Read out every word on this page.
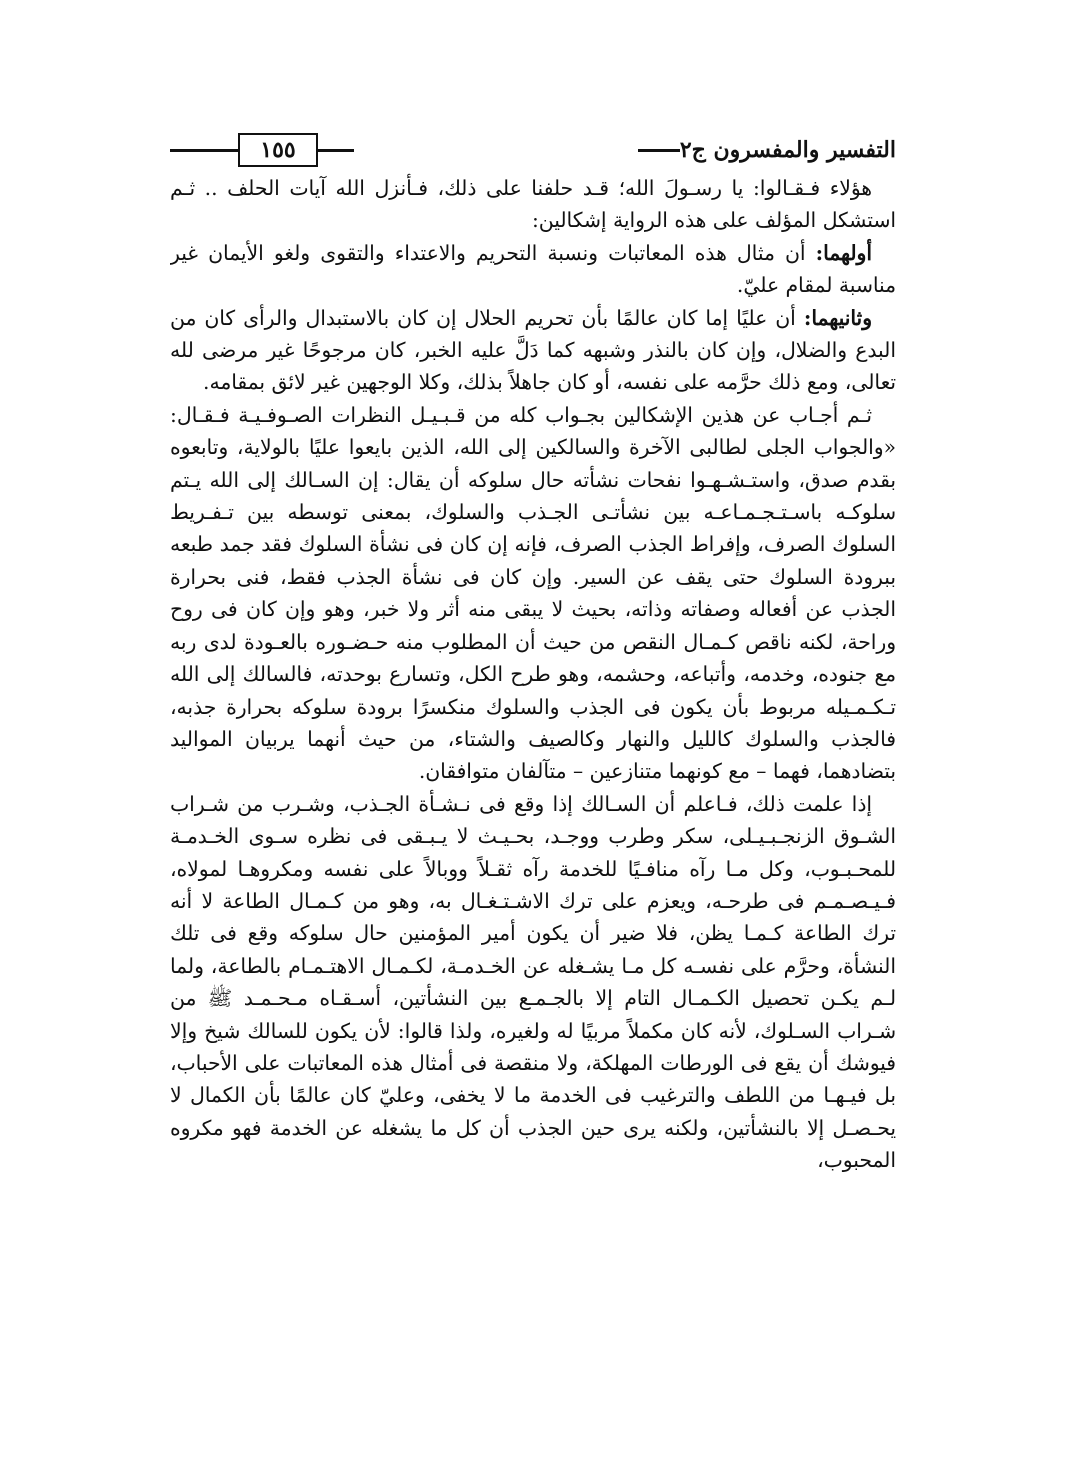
التفسير والمفسرون ج٢
١٥٥

هؤلاء فـقـالوا: يا رسـولَ الله؛ قـد حلفنا على ذلك، فـأنزل الله آيات الحلف .. ثـم استشكل المؤلف على هذه الرواية إشكالين:

أولهما: أن مثال هذه المعاتبات ونسبة التحريم والاعتداء والتقوى ولغو الأيمان غير مناسبة لمقام عليّ.

وثانيهما: أن عليًا إما كان عالمًا بأن تحريم الحلال إن كان بالاستبدال والرأى كان من البدع والضلال، وإن كان بالنذر وشبهه كما دَلَّ عليه الخبر، كان مرجوحًا غير مرضى لله تعالى، ومع ذلك حرَّمه على نفسه، أو كان جاهلاً بذلك، وكلا الوجهين غير لائق بمقامه.

ثـم أجـاب عن هذين الإشكالين بجـواب كله من قـبـيـل النظرات الصـوفـيـة فـقـال: «والجواب الجلى لطالبى الآخرة والسالكين إلى الله، الذين بايعوا عليًا بالولاية، وتابعوه بقدم صدق، واستـشـهـوا نفحات نشأته حال سلوكه أن يقال: إن السـالك إلى الله يـتم سلوكـه باسـتـجـمـاعـه بين نشأتـى الجـذب والسلوك، بمعنى توسطه بين تـفـريط السلوك الصرف، وإفراط الجذب الصرف، فإنه إن كان فى نشأة السلوك فقد جمد طبعه ببرودة السلوك حتى يقف عن السير. وإن كان فى نشأة الجذب فقط، فنى بحرارة الجذب عن أفعاله وصفاته وذاته، بحيث لا يبقى منه أثر ولا خبر، وهو وإن كان فى روح وراحة، لكنه ناقص كـمـال النقص من حيث أن المطلوب منه حـضـوره بالعـودة لدى ربه مع جنوده، وخدمه، وأتباعه، وحشمه، وهو طرح الكل، وتسارع بوحدته، فالسالك إلى الله تـكـمـيله مربوط بأن يكون فى الجذب والسلوك منكسرًا برودة سلوكه بحرارة جذبه، فالجذب والسلوك كالليل والنهار وكالصيف والشتاء، من حيث أنهما يربيان المواليد بتضادهما، فهما – مع كونهما متنازعين – متآلفان متوافقان.

إذا علمت ذلك، فـاعلم أن السـالك إذا وقع فى نـشـأة الجـذب، وشـرب من شـراب الشـوق الزنجـبـيـلى، سكر وطرب ووجـد، بحـيـث لا يـبـقى فى نظره سـوى الخـدمـة للمحـبـوب، وكل مـا رآه منافـيًا للخدمة رآه ثقـلاً ووبالاً على نفسه ومكروهـا لمولاه، فـيـصـمـم فى طرحـه، ويعزم على ترك الاشـتـغـال به، وهو من كـمـال الطاعة لا أنه ترك الطاعة كـمـا يظن، فلا ضير أن يكون أمير المؤمنين حال سلوكه وقع فى تلك النشأة، وحرَّم على نفسـه كل مـا يشـغله عن الخـدمـة، لكـمـال الاهتـمـام بالطاعة، ولما لـم يكـن تحصيل الكـمـال التام إلا بالجـمـع بين النشأتين، أسـقـاه مـحـمـد ﷺ من شـراب السـلوك، لأنه كان مكملاً مربيًا له ولغيره، ولذا قالوا: لأن يكون للسالك شيخ وإلا فيوشك أن يقع فى الورطات المهلكة، ولا منقصة فى أمثال هذه المعاتبات على الأحباب، بل فيـهـا من اللطف والترغيب فى الخدمة ما لا يخفى، وعليّ كان عالمًا بأن الكمال لا يحـصـل إلا بالنشأتين، ولكنه يرى حين الجذب أن كل ما يشغله عن الخدمة فهو مكروه المحبوب،
